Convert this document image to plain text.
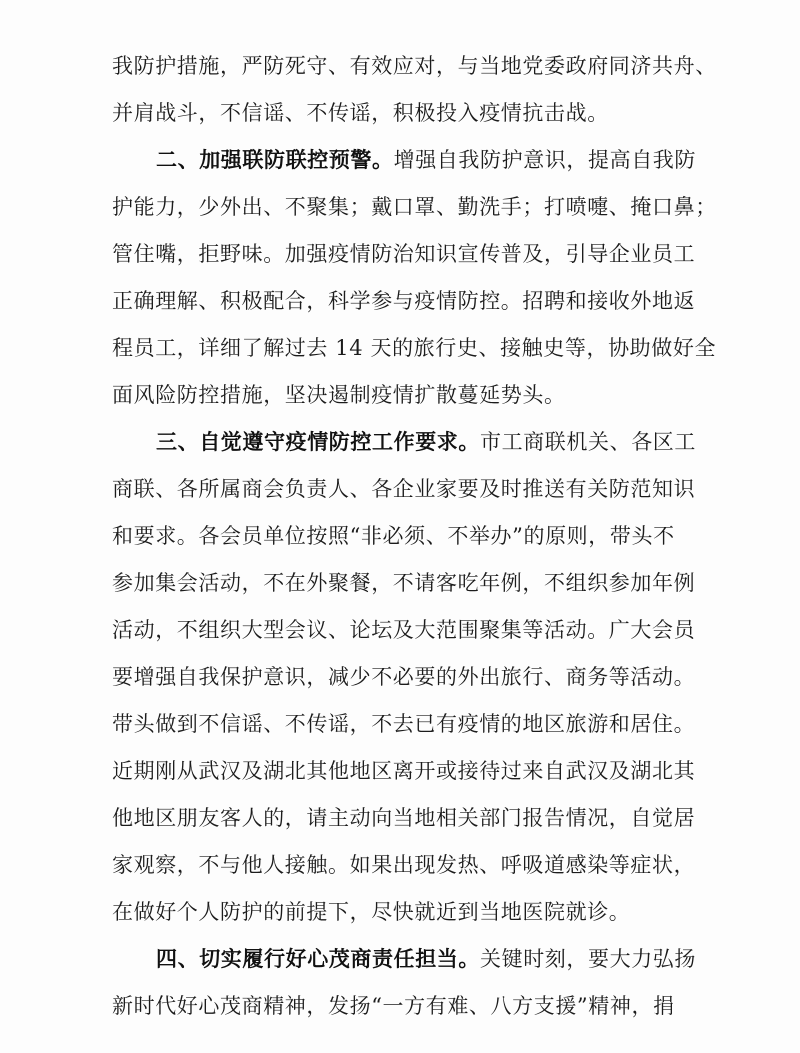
我防护措施，严防死守、有效应对，与当地党委政府同济共舟、
并肩战斗，不信谣、不传谣，积极投入疫情抗击战。
二、加强联防联控预警。增强自我防护意识，提高自我防
护能力，少外出、不聚集；戴口罩、勤洗手；打喷嚏、掩口鼻；
管住嘴，拒野味。加强疫情防治知识宣传普及，引导企业员工
正确理解、积极配合，科学参与疫情防控。招聘和接收外地返
程员工，详细了解过去 14 天的旅行史、接触史等，协助做好全
面风险防控措施，坚决遏制疫情扩散蔓延势头。
三、自觉遵守疫情防控工作要求。市工商联机关、各区工
商联、各所属商会负责人、各企业家要及时推送有关防范知识
和要求。各会员单位按照“非必须、不举办”的原则，带头不
参加集会活动，不在外聚餐，不请客吃年例，不组织参加年例
活动，不组织大型会议、论坛及大范围聚集等活动。广大会员
要增强自我保护意识，减少不必要的外出旅行、商务等活动。
带头做到不信谣、不传谣，不去已有疫情的地区旅游和居住。
近期刚从武汉及湖北其他地区离开或接待过来自武汉及湖北其
他地区朋友客人的，请主动向当地相关部门报告情况，自觉居
家观察，不与他人接触。如果出现发热、呼吸道感染等症状，
在做好个人防护的前提下，尽快就近到当地医院就诊。
四、切实履行好心茂商责任担当。关键时刻，要大力弘扬
新时代好心茂商精神，发扬“一方有难、八方支援”精神，捐
